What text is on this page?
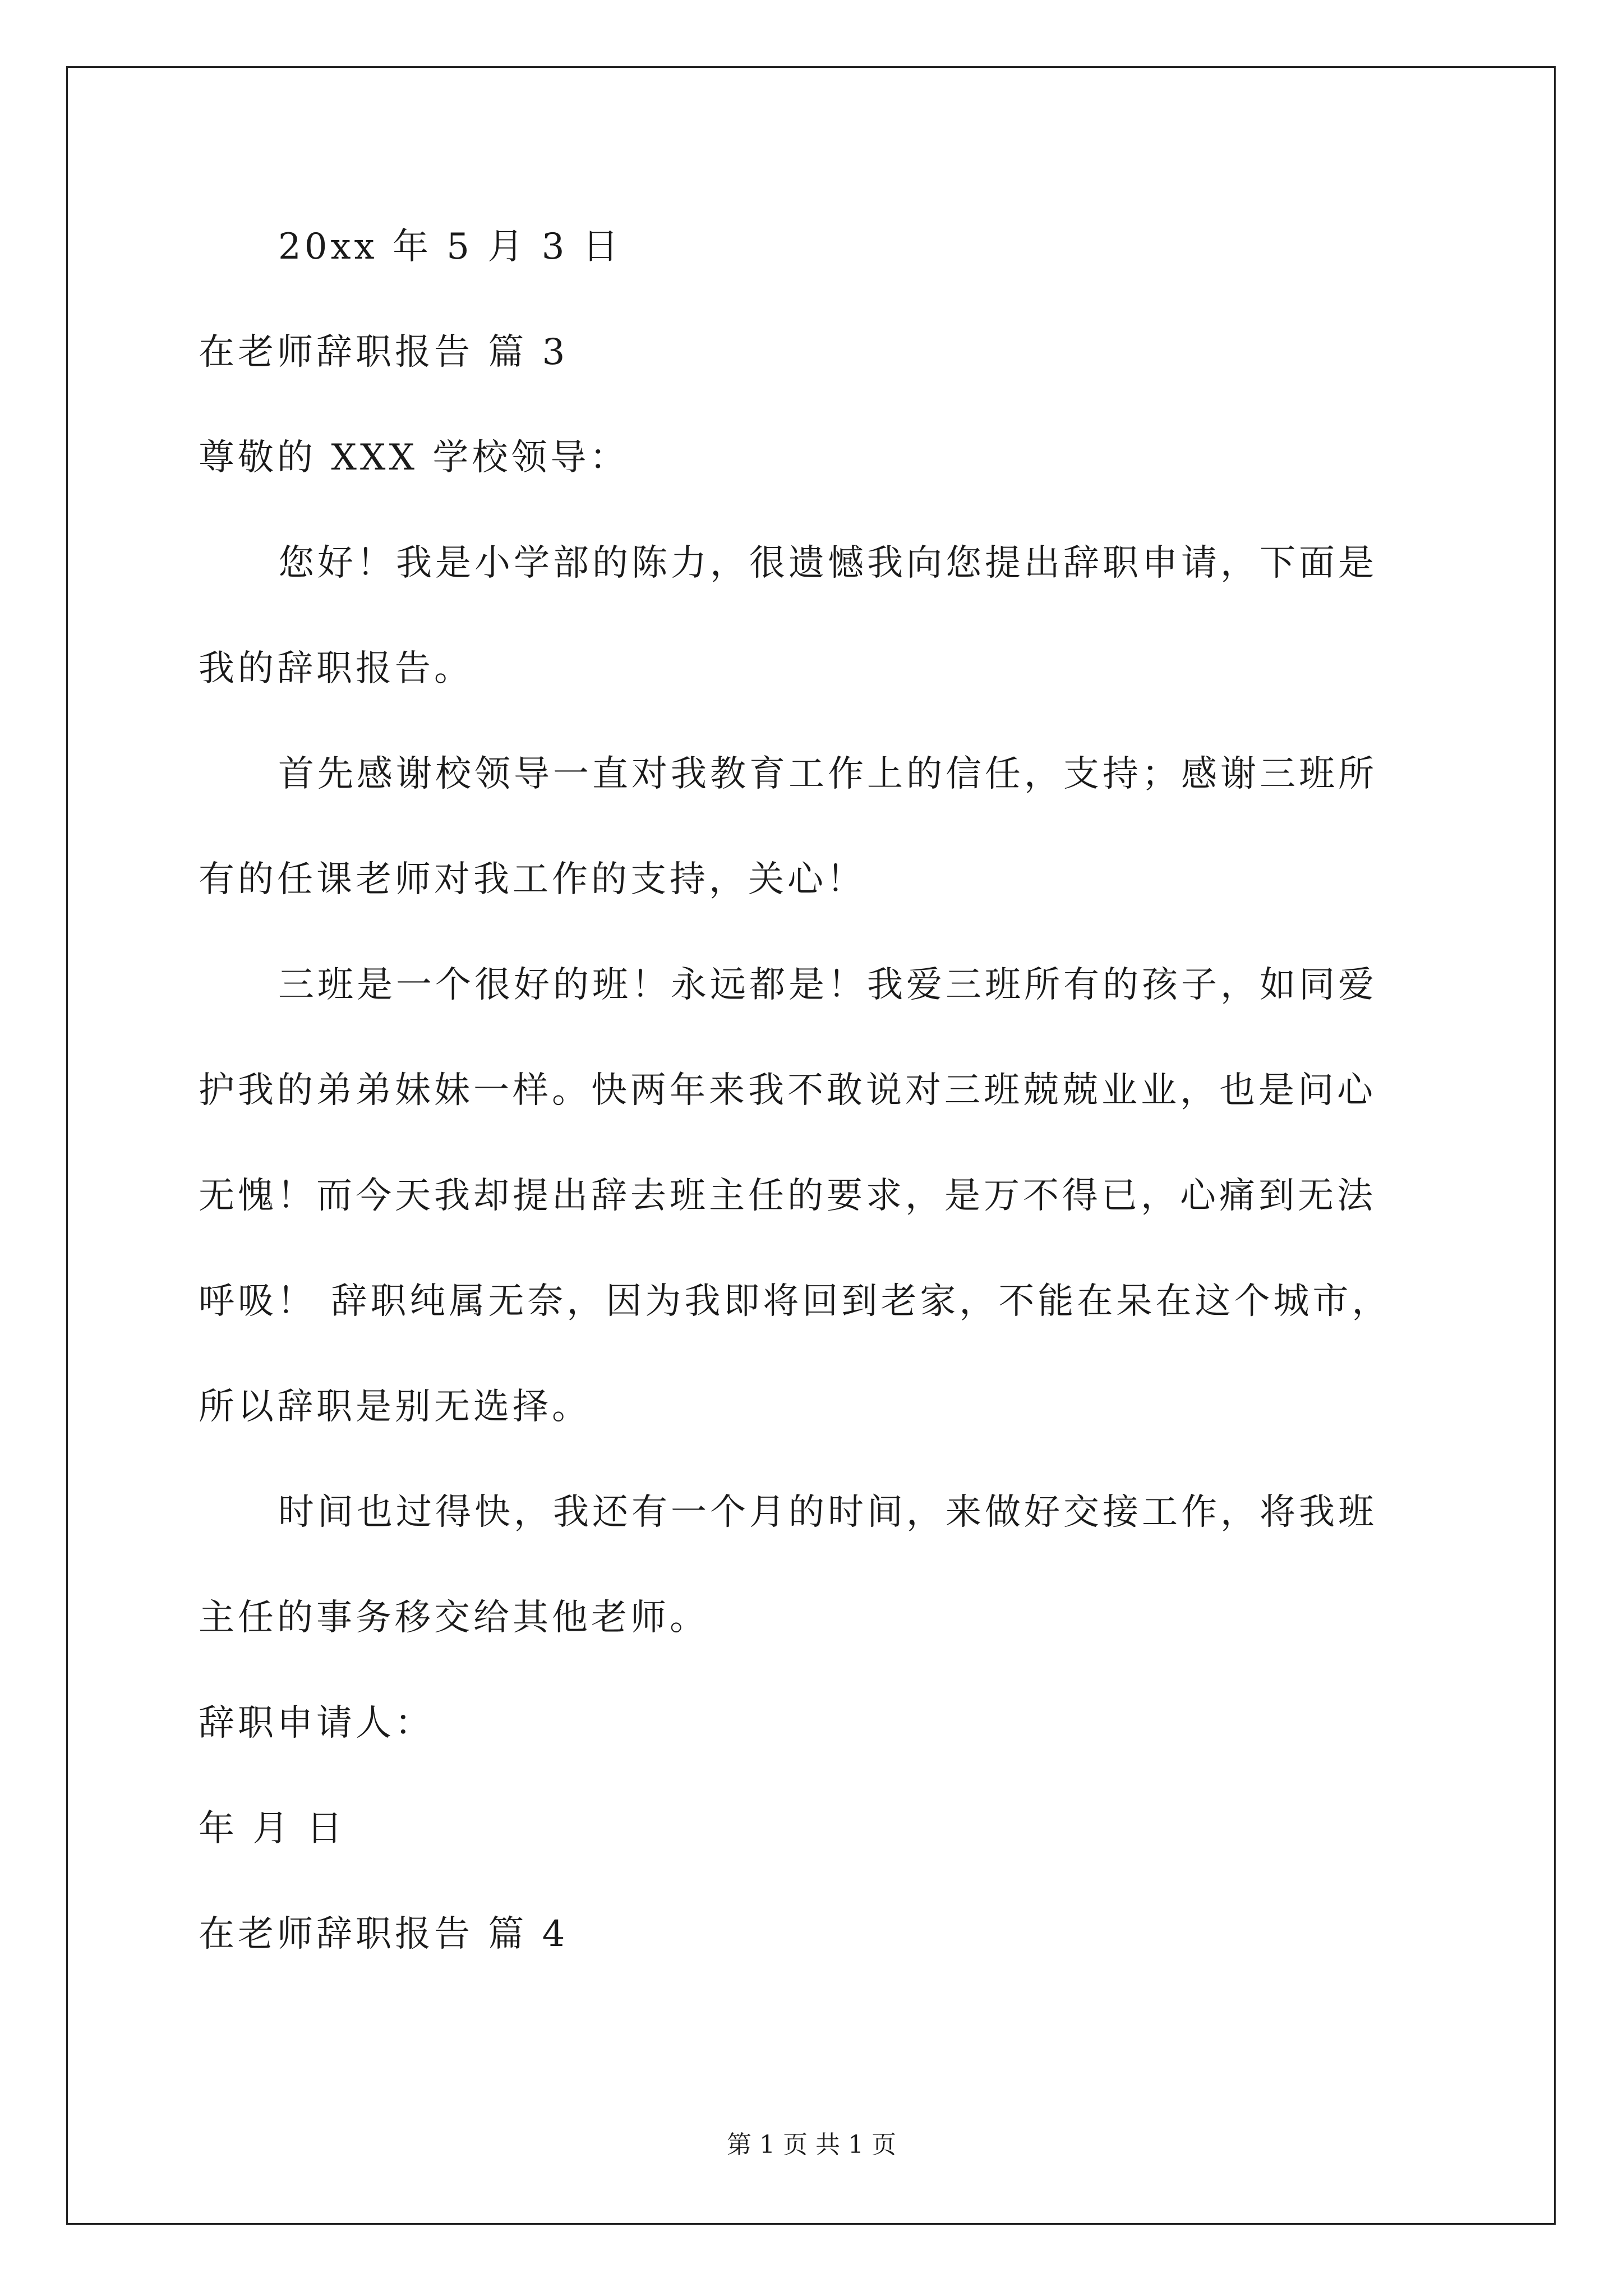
20xx 年 5 月 3 日
在老师辞职报告 篇 3
尊敬的 XXX 学校领导：
您好！我是小学部的陈力，很遗憾我向您提出辞职申请，下面是
我的辞职报告。
首先感谢校领导一直对我教育工作上的信任，支持；感谢三班所
有的任课老师对我工作的支持，关心！
三班是一个很好的班！永远都是！我爱三班所有的孩子，如同爱
护我的弟弟妹妹一样。快两年来我不敢说对三班兢兢业业，也是问心
无愧！而今天我却提出辞去班主任的要求，是万不得已，心痛到无法
呼吸！ 辞职纯属无奈，因为我即将回到老家，不能在呆在这个城市，
所以辞职是别无选择。
时间也过得快，我还有一个月的时间，来做好交接工作，将我班
主任的事务移交给其他老师。
辞职申请人：
年 月 日
在老师辞职报告 篇 4
第 1 页 共 1 页
